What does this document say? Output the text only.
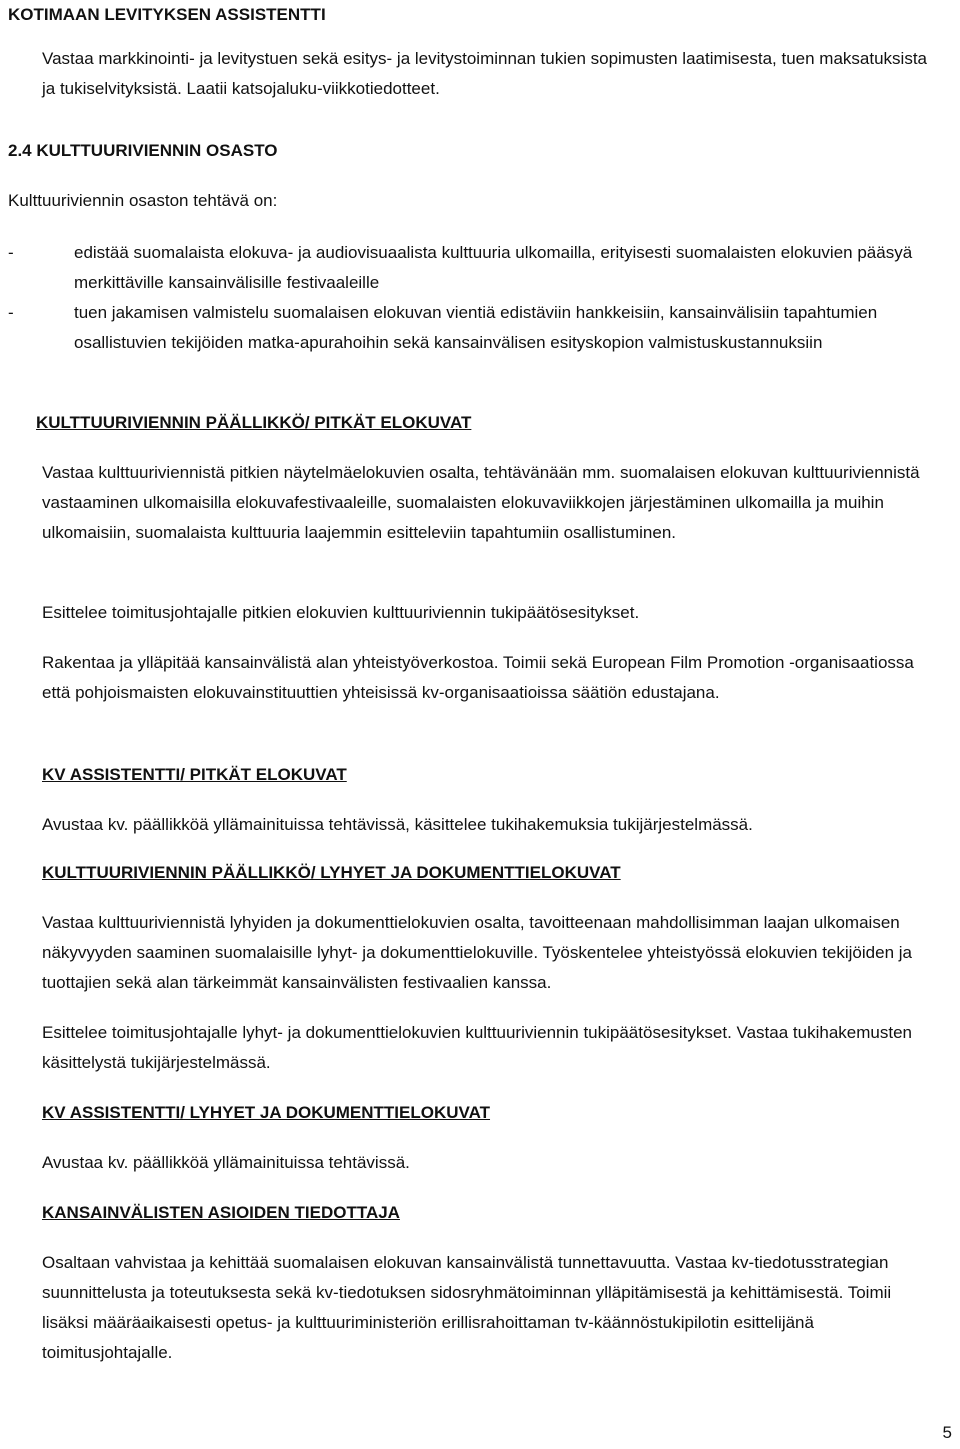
KOTIMAAN LEVITYKSEN ASSISTENTTI

Vastaa markkinointi- ja levitystuen sekä esitys- ja levitystoiminnan tukien sopimusten laatimisesta, tuen maksatuksista ja tukiselvityksistä. Laatii katsojaluku-viikkotiedotteet.

2.4 KULTTUURIVIENNIN OSASTO

Kulttuuriviennin osaston tehtävä on:

-	edistää suomalaista elokuva- ja audiovisuaalista kulttuuria ulkomailla, erityisesti suomalaisten elokuvien pääsyä merkittäville kansainvälisille festivaaleille
-	tuen jakamisen valmistelu suomalaisen elokuvan vientiä edistäviin hankkeisiin, kansainvälisiin tapahtumien osallistuvien tekijöiden matka-apurahoihin sekä kansainvälisen esityskopion valmistuskustannuksiin
KULTTUURIVIENNIN PÄÄLLIKKÖ/ PITKÄT ELOKUVAT

Vastaa kulttuuriviennistä pitkien näytelmäelokuvien osalta, tehtävänään mm. suomalaisen elokuvan kulttuuriviennistä vastaaminen ulkomaisilla elokuvafestivaaleille, suomalaisten elokuvaviikkojen järjestäminen ulkomailla ja muihin ulkomaisiin, suomalaista kulttuuria laajemmin esitteleviin tapahtumiin osallistuminen.

Esittelee toimitusjohtajalle pitkien elokuvien kulttuuriviennin tukipäätösesitykset.

Rakentaa ja ylläpitää kansainvälistä alan yhteistyöverkostoa. Toimii sekä European Film Promotion -organisaatiossa että pohjoismaisten elokuvainstituuttien yhteisissä kv-organisaatioissa säätiön edustajana.

KV ASSISTENTTI/ PITKÄT ELOKUVAT

Avustaa kv. päällikköä yllämainituissa tehtävissä, käsittelee tukihakemuksia tukijärjestelmässä.

KULTTUURIVIENNIN PÄÄLLIKKÖ/ LYHYET JA DOKUMENTTIELOKUVAT

Vastaa kulttuuriviennistä lyhyiden ja dokumenttielokuvien osalta, tavoitteenaan mahdollisimman laajan ulkomaisen näkyvyyden saaminen suomalaisille lyhyt- ja dokumenttielokuville. Työskentelee yhteistyössä elokuvien tekijöiden ja tuottajien sekä alan tärkeimmät kansainvälisten festivaalien kanssa.

Esittelee toimitusjohtajalle lyhyt- ja dokumenttielokuvien kulttuuriviennin tukipäätösesitykset. Vastaa tukihakemusten käsittelystä tukijärjestelmässä.

KV ASSISTENTTI/ LYHYET JA DOKUMENTTIELOKUVAT

Avustaa kv. päällikköä yllämainituissa tehtävissä.

KANSAINVÄLISTEN ASIOIDEN TIEDOTTAJA

Osaltaan vahvistaa ja kehittää suomalaisen elokuvan kansainvälistä tunnettavuutta. Vastaa kv-tiedotusstrategian suunnittelusta ja toteutuksesta sekä kv-tiedotuksen sidosryhmätoiminnan ylläpitämisestä ja kehittämisestä. Toimii lisäksi määräaikaisesti opetus- ja kulttuuriministeriön erillisrahoittaman tv-käännöstukipilotin esittelijänä toimitusjohtajalle.

5
